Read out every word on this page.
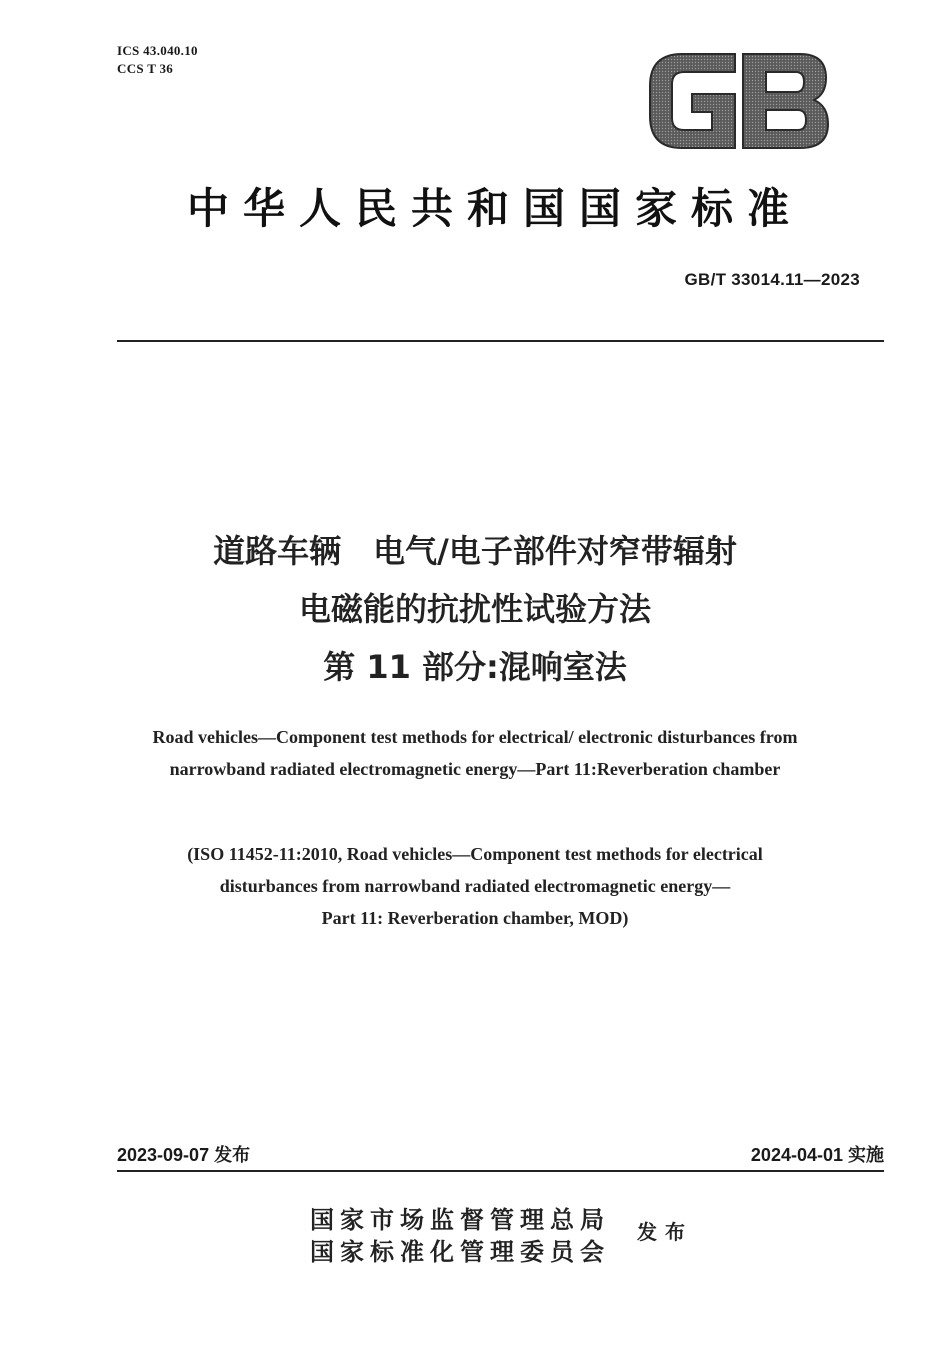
ICS 43.040.10
CCS T 36
中华人民共和国国家标准
GB/T 33014.11—2023
道路车辆　电气/电子部件对窄带辐射
电磁能的抗扰性试验方法
第 11 部分:混响室法
Road vehicles—Component test methods for electrical/ electronic disturbances from
narrowband radiated electromagnetic energy—Part 11:Reverberation chamber
(ISO 11452-11:2010, Road vehicles—Component test methods for electrical
disturbances from narrowband radiated electromagnetic energy—
Part 11: Reverberation chamber, MOD)
2023-09-07 发布	2024-04-01 实施
国家市场监督管理总局
国家标准化管理委员会
发布
